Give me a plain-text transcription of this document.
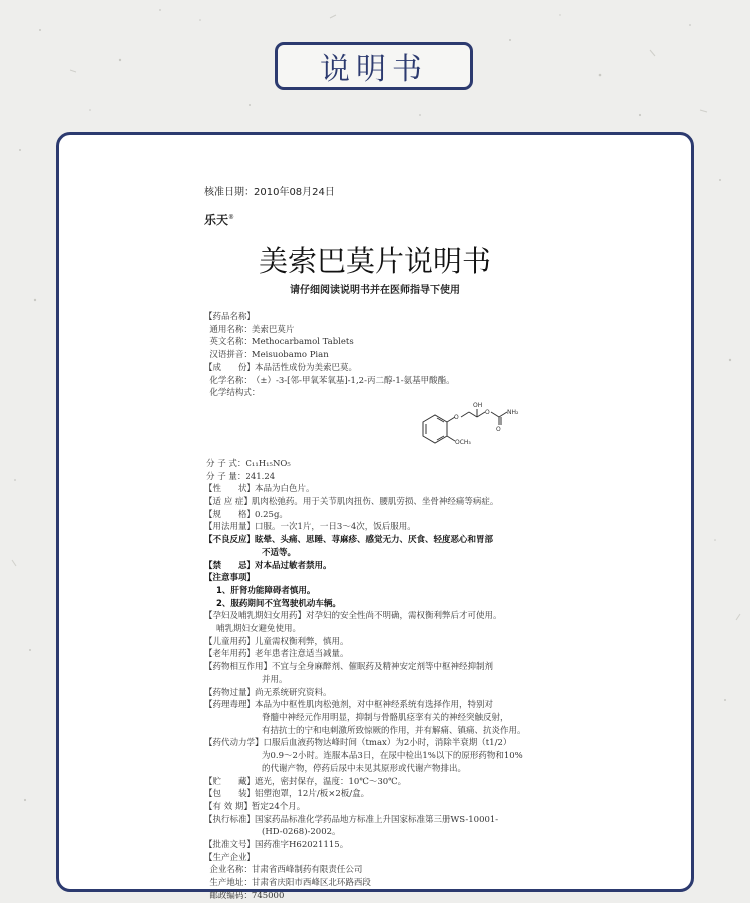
说明书
核准日期：2010年08月24日
乐天®
美索巴莫片说明书
请仔细阅读说明书并在医师指导下使用
【药品名称】
通用名称： 美索巴莫片
英文名称： Methocarbamol Tablets
汉语拼音： Meisuobamo Pian
【成　　份】 本品活性成份为美索巴莫。
化学名称： （±）-3-[邻-甲氧苯氧基]-1,2-丙二醇-1-氨基甲酸酯。
化学结构式：
O
OH
O
O
NH₂
OCH₃
分 子 式： C₁₁H₁₅NO₅
分 子 量： 241.24
【性　　状】 本品为白色片。
【适 应 症】 肌肉松弛药。用于关节肌肉扭伤、腰肌劳损、坐骨神经痛等病症。
【规　　格】 0.25g。
【用法用量】 口服。一次1片，一日3～4次，饭后服用。
【不良反应】 眩晕、头痛、思睡、荨麻疹、感觉无力、厌食、轻度恶心和胃部
不适等。
【禁　　忌】 对本品过敏者禁用。
【注意事项】
1、肝肾功能障碍者慎用。
2、服药期间不宜驾驶机动车辆。
【孕妇及哺乳期妇女用药】 对孕妇的安全性尚不明确，需权衡利弊后才可使用。
哺乳期妇女避免使用。
【儿童用药】 儿童需权衡利弊，慎用。
【老年用药】 老年患者注意适当减量。
【药物相互作用】 不宜与全身麻醉剂、催眠药及精神安定剂等中枢神经抑制剂
并用。
【药物过量】 尚无系统研究资料。
【药理毒理】 本品为中枢性肌肉松弛剂，对中枢神经系统有选择作用，特别对
脊髓中神经元作用明显，抑制与骨骼肌痉挛有关的神经突触反射，
有拮抗士的宁和电刺激所致惊厥的作用，并有解痛、镇痛、抗炎作用。
【药代动力学】 口服后血液药物达峰时间（tmax）为2小时，消除半衰期（t1/2）
为0.9～2小时。连服本品3日，在尿中检出1%以下的原形药物和10%
的代谢产物，停药后尿中未见其原形或代谢产物排出。
【贮　　藏】 遮光，密封保存，温度：10℃～30℃。
【包　　装】 铝塑泡罩，12片/板×2板/盒。
【有 效 期】 暂定24个月。
【执行标准】 国家药品标准化学药品地方标准上升国家标准第三册WS-10001-
(HD-0268)-2002。
【批准文号】 国药准字H62021115。
【生产企业】
企业名称： 甘肃省西峰制药有限责任公司
生产地址： 甘肃省庆阳市西峰区北环路西段
邮政编码： 745000
